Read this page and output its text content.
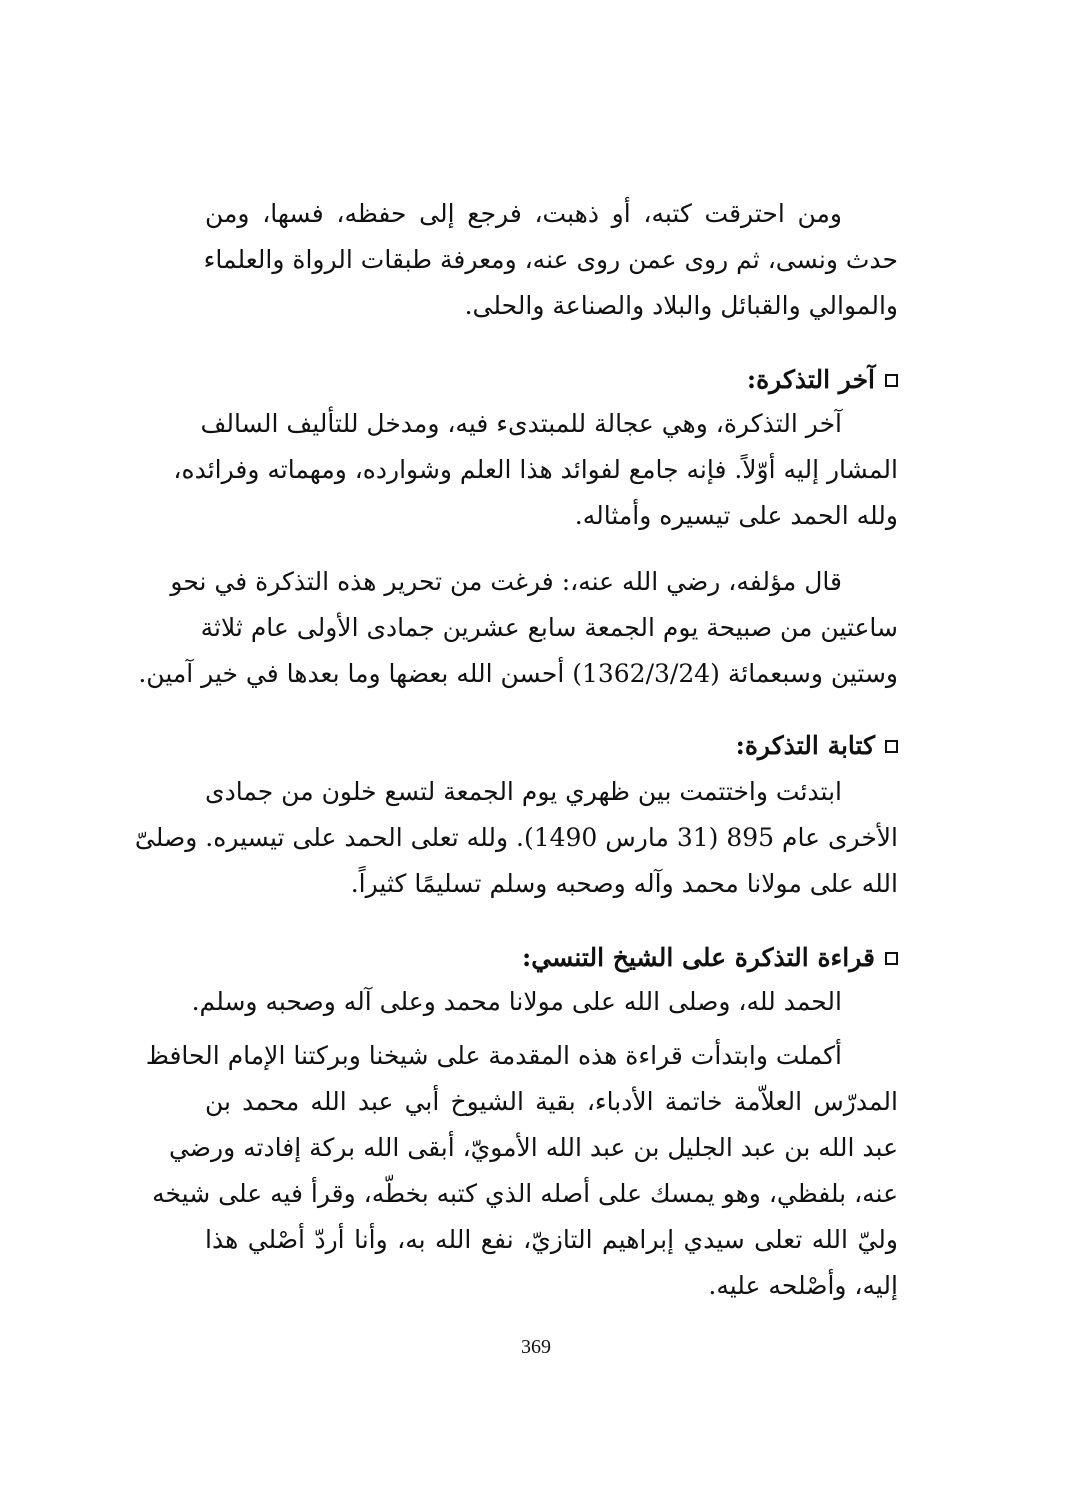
ومن احترقت كتبه، أو ذهبت، فرجع إلى حفظه، فسها، ومن
حدث ونسى، ثم روى عمن روى عنه، ومعرفة طبقات الرواة والعلماء
والموالي والقبائل والبلاد والصناعة والحلى.
آخر التذكرة:
آخر التذكرة، وهي عجالة للمبتدىء فيه، ومدخل للتأليف السالف
المشار إليه أوّلاً. فإنه جامع لفوائد هذا العلم وشوارده، ومهماته وفرائده،
ولله الحمد على تيسيره وأمثاله.
قال مؤلفه، رضي الله عنه،: فرغت من تحرير هذه التذكرة في نحو
ساعتين من صبيحة يوم الجمعة سابع عشرين جمادى الأولى عام ثلاثة
وستين وسبعمائة (1362/3/24) أحسن الله بعضها وما بعدها في خير آمين.
كتابة التذكرة:
ابتدئت واختتمت بين ظهري يوم الجمعة لتسع خلون من جمادى
الأخرى عام 895 (31 مارس 1490). ولله تعلى الحمد على تيسيره. وصلىّ
الله على مولانا محمد وآله وصحبه وسلم تسليمًا كثيراً.
قراءة التذكرة على الشيخ التنسي:
الحمد لله، وصلى الله على مولانا محمد وعلى آله وصحبه وسلم.
أكملت وابتدأت قراءة هذه المقدمة على شيخنا وبركتنا الإمام الحافظ
المدرّس العلاّمة خاتمة الأدباء، بقية الشيوخ أبي عبد الله محمد بن
عبد الله بن عبد الجليل بن عبد الله الأمويّ، أبقى الله بركة إفادته ورضي
عنه، بلفظي، وهو يمسك على أصله الذي كتبه بخطّه، وقرأ فيه على شيخه
وليّ الله تعلى سيدي إبراهيم التازيّ، نفع الله به، وأنا أردّ أصْلي هذا
إليه، وأصْلحه عليه.
369
